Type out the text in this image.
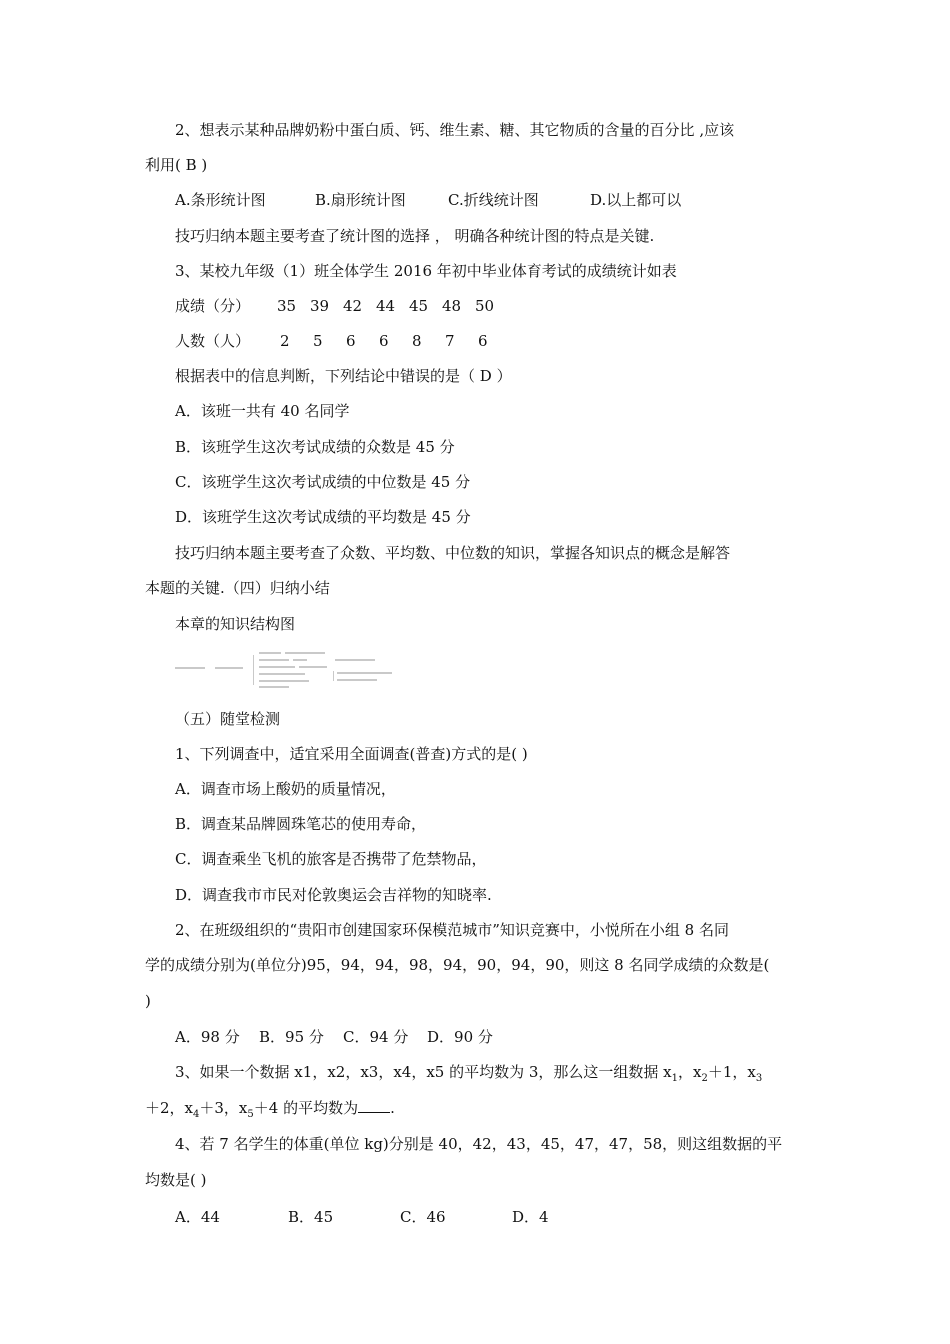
2、想表示某种品牌奶粉中蛋白质、钙、维生素、糖、其它物质的含量的百分比 ,应该
利用( B )
A.条形统计图	B.扇形统计图	C.折线统计图	D.以上都可以
技巧归纳本题主要考查了统计图的选择 ， 明确各种统计图的特点是关键.
3、某校九年级（1）班全体学生 2016 年初中毕业体育考试的成绩统计如表
成绩（分） 35 39 42 44 45 48 50
人数（人） 2 5 6 6 8 7 6
根据表中的信息判断，下列结论中错误的是（ D ）
A．该班一共有 40 名同学
B．该班学生这次考试成绩的众数是 45 分
C．该班学生这次考试成绩的中位数是 45 分
D．该班学生这次考试成绩的平均数是 45 分
技巧归纳本题主要考查了众数、平均数、中位数的知识，掌握各知识点的概念是解答
本题的关键.（四）归纳小结
本章的知识结构图
（五）随堂检测
1、下列调查中，适宜采用全面调查(普查)方式的是( )
A．调查市场上酸奶的质量情况，
B．调查某品牌圆珠笔芯的使用寿命，
C．调查乘坐飞机的旅客是否携带了危禁物品，
D．调查我市市民对伦敦奥运会吉祥物的知晓率.
2、在班级组织的“贵阳市创建国家环保模范城市”知识竞赛中，小悦所在小组 8 名同
学的成绩分别为(单位分)95，94，94，98，94，90，94，90，则这 8 名同学成绩的众数是(
)
A．98 分 B．95 分 C．94 分 D．90 分
3、如果一个数据 x1，x2，x3，x4，x5 的平均数为 3，那么这一组数据 $x_1$，$x_2+1$，$x_3$
＋2，$x_4+3$，$x_5+4$ 的平均数为 .
4、若 7 名学生的体重(单位 kg)分别是 40，42，43，45，47，47，58，则这组数据的平
均数是( )
A．44	B．45	C．46	D．4
